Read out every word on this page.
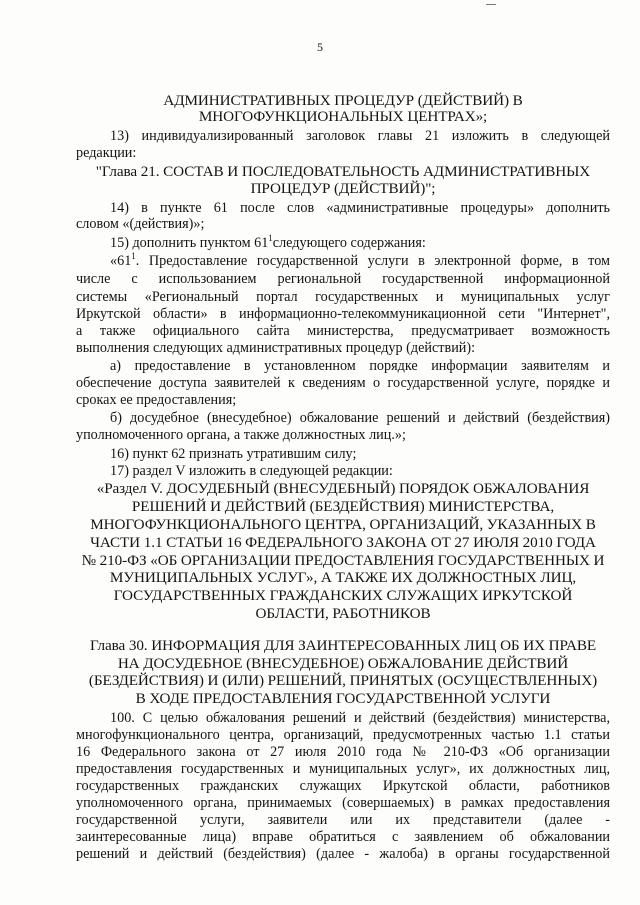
5
АДМИНИСТРАТИВНЫХ ПРОЦЕДУР (ДЕЙСТВИЙ) В
МНОГОФУНКЦИОНАЛЬНЫХ ЦЕНТРАХ»;
13) индивидуализированный заголовок главы 21 изложить в следующей
редакции:
"Глава 21. СОСТАВ И ПОСЛЕДОВАТЕЛЬНОСТЬ АДМИНИСТРАТИВНЫХ
ПРОЦЕДУР (ДЕЙСТВИЙ)";
14) в пункте 61 после слов «административные процедуры» дополнить
словом «(действия)»;
15) дополнить пунктом $61^1следующего$ содержания:
«$61^1$. Предоставление государственной услуги в электронной форме, в том
числе с использованием региональной государственной информационной
системы «Региональный портал государственных и муниципальных услуг
Иркутской области» в информационно-телекоммуникационной сети "Интернет",
а также официального сайта министерства, предусматривает возможность
выполнения следующих административных процедур (действий):
а) предоставление в установленном порядке информации заявителям и
обеспечение доступа заявителей к сведениям о государственной услуге, порядке и
сроках ее предоставления;
б) досудебное (внесудебное) обжалование решений и действий (бездействия)
уполномоченного органа, а также должностных лиц.»;
16) пункт 62 признать утратившим силу;
17) раздел V изложить в следующей редакции:
«Раздел V. ДОСУДЕБНЫЙ (ВНЕСУДЕБНЫЙ) ПОРЯДОК ОБЖАЛОВАНИЯ
РЕШЕНИЙ И ДЕЙСТВИЙ (БЕЗДЕЙСТВИЯ) МИНИСТЕРСТВА,
МНОГОФУНКЦИОНАЛЬНОГО ЦЕНТРА, ОРГАНИЗАЦИЙ, УКАЗАННЫХ В
ЧАСТИ 1.1 СТАТЬИ 16 ФЕДЕРАЛЬНОГО ЗАКОНА ОТ 27 ИЮЛЯ 2010 ГОДА
№ 210-ФЗ «ОБ ОРГАНИЗАЦИИ ПРЕДОСТАВЛЕНИЯ ГОСУДАРСТВЕННЫХ И
МУНИЦИПАЛЬНЫХ УСЛУГ», А ТАКЖЕ ИХ ДОЛЖНОСТНЫХ ЛИЦ,
ГОСУДАРСТВЕННЫХ ГРАЖДАНСКИХ СЛУЖАЩИХ ИРКУТСКОЙ
ОБЛАСТИ, РАБОТНИКОВ
Глава 30. ИНФОРМАЦИЯ ДЛЯ ЗАИНТЕРЕСОВАННЫХ ЛИЦ ОБ ИХ ПРАВЕ
НА ДОСУДЕБНОЕ (ВНЕСУДЕБНОЕ) ОБЖАЛОВАНИЕ ДЕЙСТВИЙ
(БЕЗДЕЙСТВИЯ) И (ИЛИ) РЕШЕНИЙ, ПРИНЯТЫХ (ОСУЩЕСТВЛЕННЫХ)
В ХОДЕ ПРЕДОСТАВЛЕНИЯ ГОСУДАРСТВЕННОЙ УСЛУГИ
100. С целью обжалования решений и действий (бездействия) министерства,
многофункционального центра, организаций, предусмотренных частью 1.1 статьи
16 Федерального закона от 27 июля 2010 года № 210-ФЗ «Об организации
предоставления государственных и муниципальных услуг», их должностных лиц,
государственных гражданских служащих Иркутской области, работников
уполномоченного органа, принимаемых (совершаемых) в рамках предоставления
государственной услуги, заявители или их представители (далее -
заинтересованные лица) вправе обратиться с заявлением об обжаловании
решений и действий (бездействия) (далее - жалоба) в органы государственной
